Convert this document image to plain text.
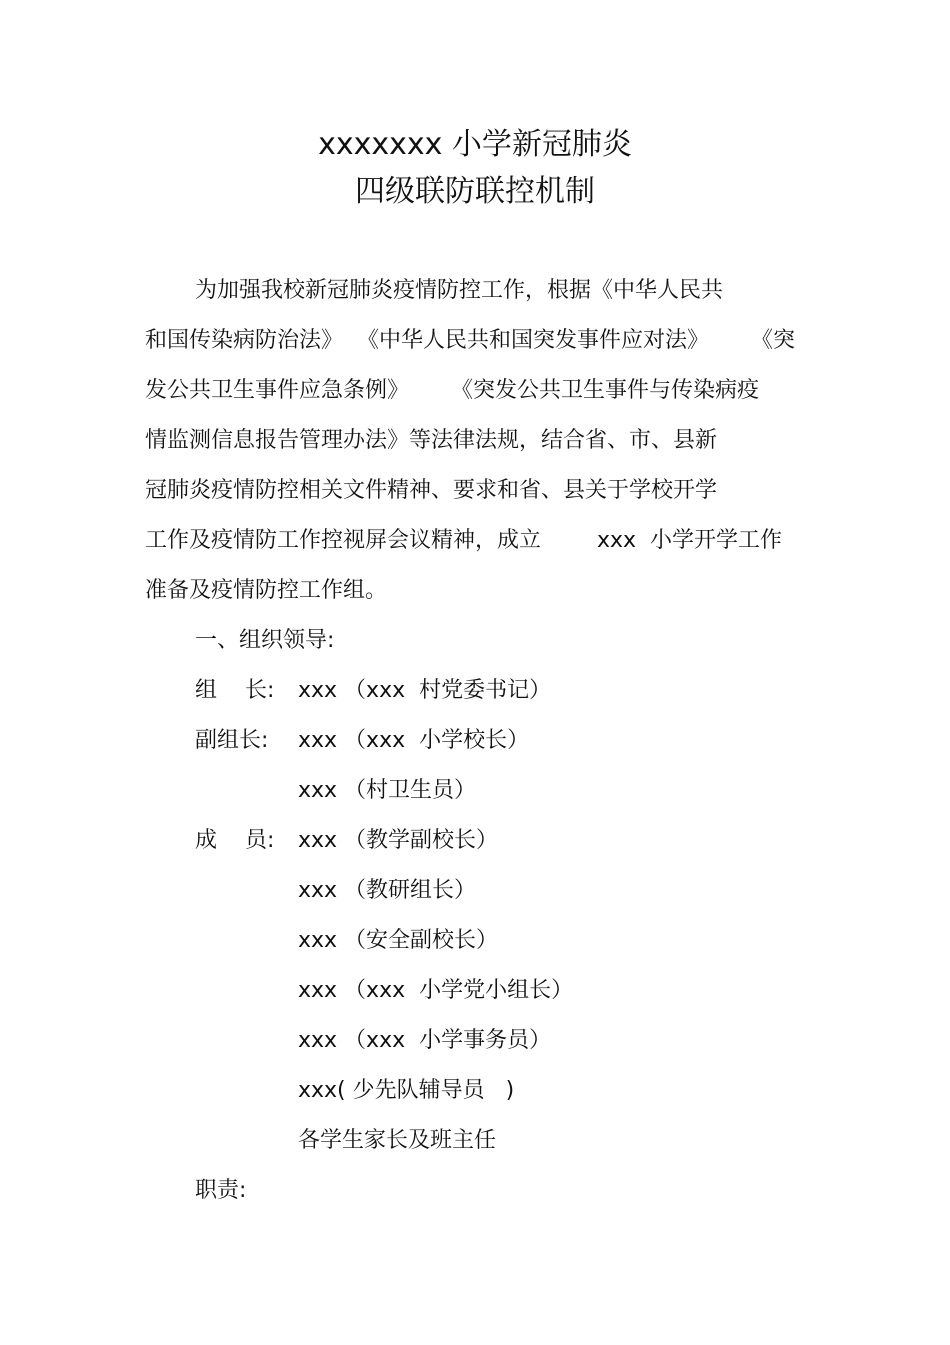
xxxxxxx 小学新冠肺炎
四级联防联控机制

为加强我校新冠肺炎疫情防控工作，根据《中华人民共

和国传染病防治法》  《中华人民共和国突发事件应对法》      《突

发公共卫生事件应急条例》      《突发公共卫生事件与传染病疫

情监测信息报告管理办法》等法律法规，结合省、市、县新

冠肺炎疫情防控相关文件精神、要求和省、县关于学校开学

工作及疫情防工作控视屏会议精神，成立        xxx  小学开学工作

准备及疫情防控工作组。

一、组织领导:

组    长: xxx （xxx  村党委书记）
副组长: xxx （xxx  小学校长）
xxx （村卫生员）
成    员: xxx （教学副校长）
xxx （教研组长）
xxx （安全副校长）
xxx （xxx  小学党小组长）
xxx （xxx  小学事务员）
xxx( 少先队辅导员   )
各学生家长及班主任

职责:
